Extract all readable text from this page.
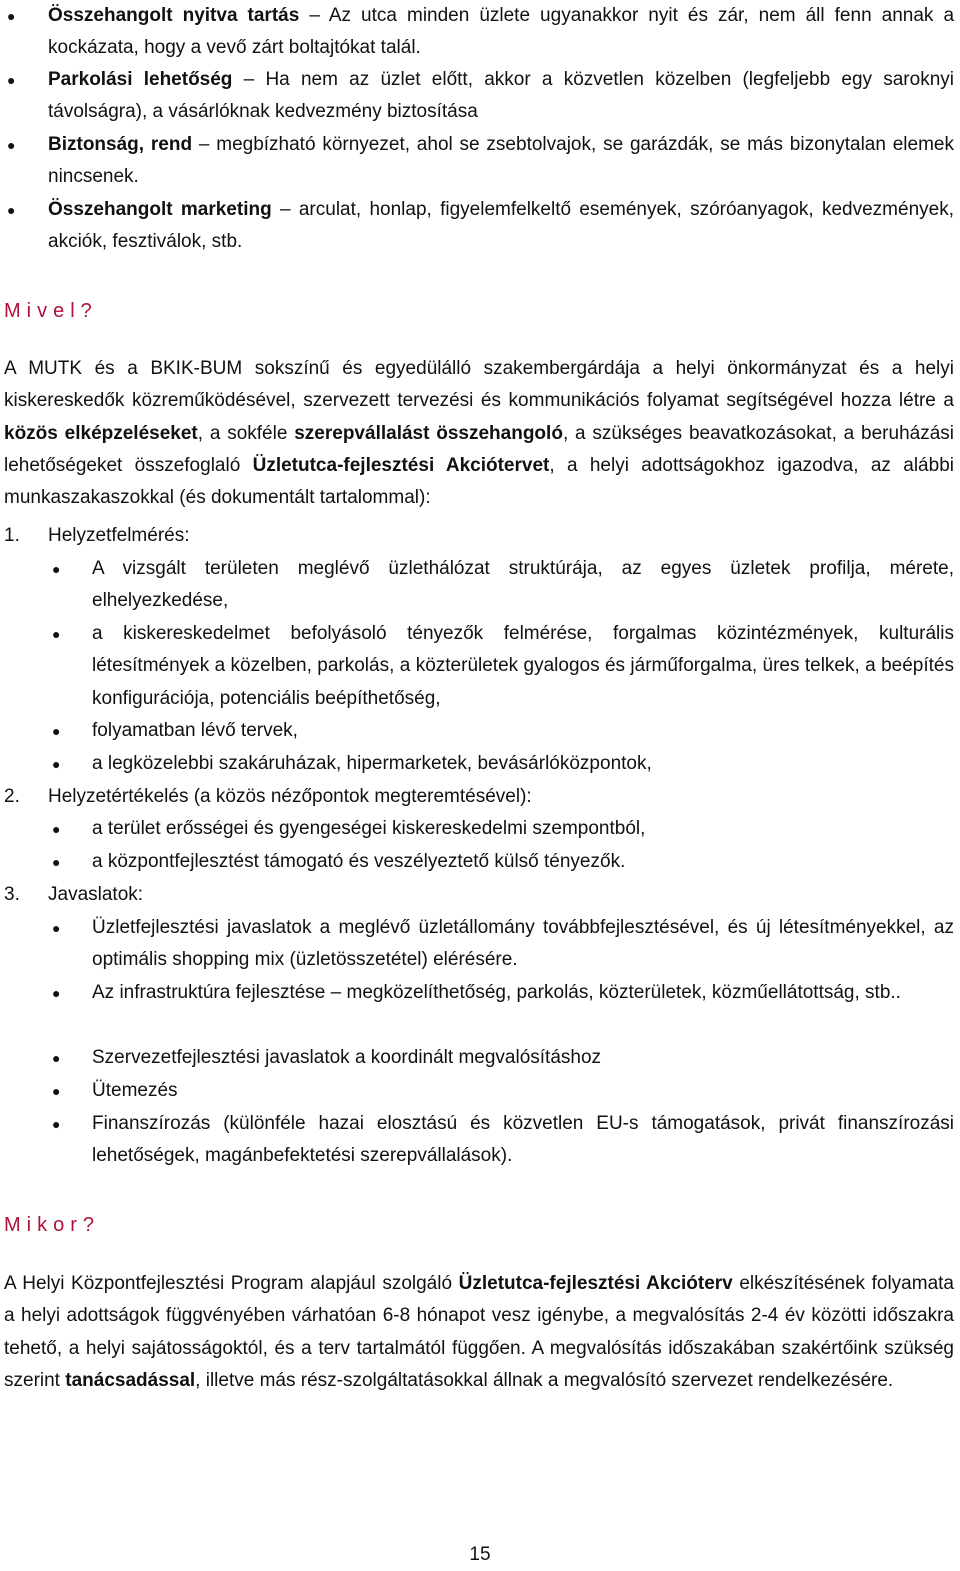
● Összehangolt nyitva tartás – Az utca minden üzlete ugyanakkor nyit és zár, nem áll fenn annak a kockázata, hogy a vevő zárt boltajtókat talál.
● Parkolási lehetőség – Ha nem az üzlet előtt, akkor a közvetlen közelben (legfeljebb egy saroknyi távolságra), a vásárlóknak kedvezmény biztosítása
● Biztonság, rend – megbízható környezet, ahol se zsebtolvajok, se garázdák, se más bizonytalan elemek nincsenek.
● Összehangolt marketing – arculat, honlap, figyelemfelkeltő események, szóróanyagok, kedvezmények, akciók, fesztiválok, stb.
Mivel?
A MUTK és a BKIK-BUM sokszínű és egyedülálló szakembergárdája a helyi önkormányzat és a helyi kiskereskedők közreműködésével, szervezett tervezési és kommunikációs folyamat segítségével hozza létre a közös elképzeléseket, a sokféle szerepvállalást összehangoló, a szükséges beavatkozásokat, a beruházási lehetőségeket összefoglaló Üzletutca-fejlesztési Akciótervet, a helyi adottságokhoz igazodva, az alábbi munkaszakaszokkal (és dokumentált tartalommal):
1. Helyzetfelmérés:
● A vizsgált területen meglévő üzlethálózat struktúrája, az egyes üzletek profilja, mérete, elhelyezkedése,
● a kiskereskedelmet befolyásoló tényezők felmérése, forgalmas közintézmények, kulturális létesítmények a közelben, parkolás, a közterületek gyalogos és járműforgalma, üres telkek, a beépítés konfigurációja, potenciális beépíthetőség,
● folyamatban lévő tervek,
● a legközelebbi szakáruházak, hipermarketek, bevásárlóközpontok,
2. Helyzetértékelés (a közös nézőpontok megteremtésével):
● a terület erősségei és gyengeségei kiskereskedelmi szempontból,
● a központfejlesztést támogató és veszélyeztető külső tényezők.
3. Javaslatok:
● Üzletfejlesztési javaslatok a meglévő üzletállomány továbbfejlesztésével, és új létesítményekkel, az optimális shopping mix (üzletösszetétel) elérésére.
● Az infrastruktúra fejlesztése – megközelíthetőség, parkolás, közterületek, közműellátottság, stb..
● Szervezetfejlesztési javaslatok a koordinált megvalósításhoz
● Ütemezés
● Finanszírozás (különféle hazai elosztású és közvetlen EU-s támogatások, privát finanszírozási lehetőségek, magánbefektetési szerepvállalások).
Mikor?
A Helyi Központfejlesztési Program alapjául szolgáló Üzletutca-fejlesztési Akcióterv elkészítésének folyamata a helyi adottságok függvényében várhatóan 6-8 hónapot vesz igénybe, a megvalósítás 2-4 év közötti időszakra tehető, a helyi sajátosságoktól, és a terv tartalmától függően. A megvalósítás időszakában szakértőink szükség szerint tanácsadással, illetve más rész-szolgáltatásokkal állnak a megvalósító szervezet rendelkezésére.
15
